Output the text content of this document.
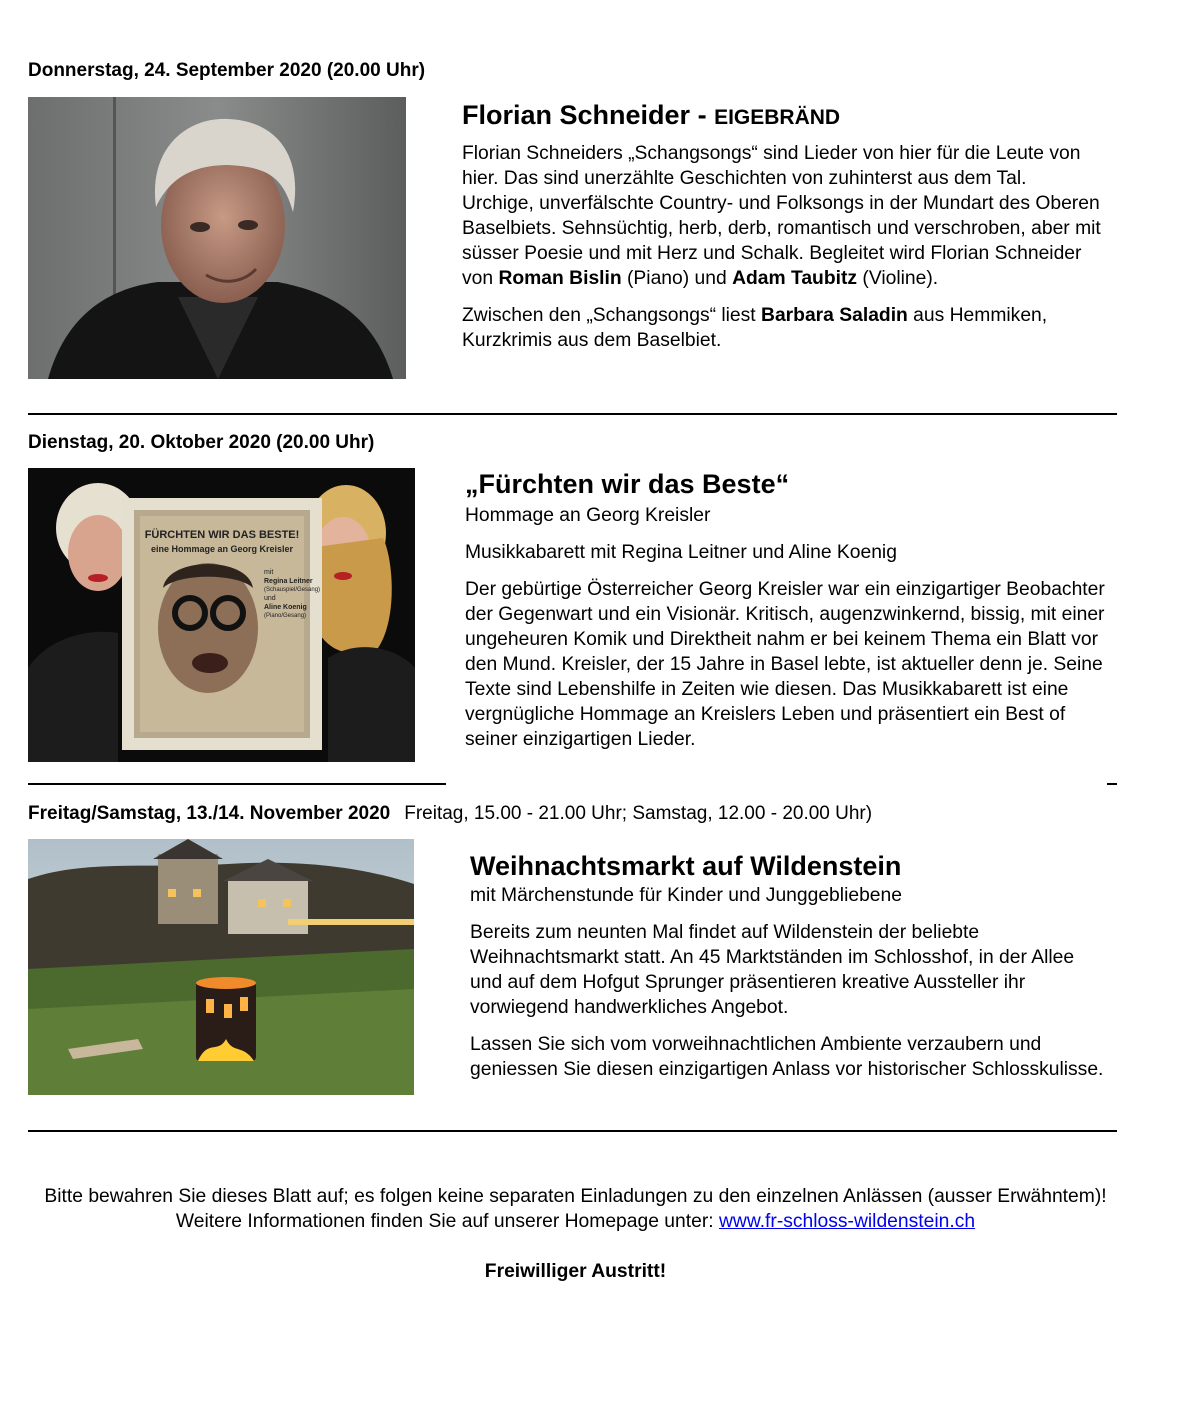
Donnerstag, 24. September 2020 (20.00 Uhr)
Florian Schneider - EIGEBRÄND

Florian Schneiders „Schangsongs“ sind Lieder von hier für die Leute von hier. Das sind unerzählte Geschichten von zuhinterst aus dem Tal. Urchige, unverfälschte Country- und Folksongs in der Mundart des Oberen Baselbiets. Sehnsüchtig, herb, derb, romantisch und verschroben, aber mit süsser Poesie und mit Herz und Schalk. Begleitet wird Florian Schneider von Roman Bislin (Piano) und Adam Taubitz (Violine).

Zwischen den „Schangsongs“ liest Barbara Saladin aus Hemmiken, Kurzkrimis aus dem Baselbiet.

Dienstag, 20. Oktober 2020 (20.00 Uhr)
FÜRCHTEN WIR DAS BESTE!
eine Hommage an Georg Kreisler
mit
Regina Leitner
(Schauspiel/Gesang)
und
Aline Koenig
(Piano/Gesang)
„Fürchten wir das Beste“

Hommage an Georg Kreisler

Musikkabarett mit Regina Leitner und Aline Koenig

Der gebürtige Österreicher Georg Kreisler war ein einzigartiger Beobachter der Gegenwart und ein Visionär. Kritisch, augenzwinkernd, bissig, mit einer ungeheuren Komik und Direktheit nahm er bei keinem Thema ein Blatt vor den Mund. Kreisler, der 15 Jahre in Basel lebte, ist aktueller denn je. Seine Texte sind Lebenshilfe in Zeiten wie diesen. Das Musikkabarett ist eine vergnügliche Hommage an Kreislers Leben und präsentiert ein Best of seiner einzigartigen Lieder.

Freitag/Samstag, 13./14. November 2020 Freitag, 15.00 - 21.00 Uhr; Samstag, 12.00 - 20.00 Uhr)
Weihnachtsmarkt auf Wildenstein

mit Märchenstunde für Kinder und Junggebliebene

Bereits zum neunten Mal findet auf Wildenstein der beliebte Weihnachtsmarkt statt. An 45 Marktständen im Schlosshof, in der Allee und auf dem Hofgut Sprunger präsentieren kreative Aussteller ihr vorwiegend handwerkliches Angebot.

Lassen Sie sich vom vorweihnachtlichen Ambiente verzaubern und geniessen Sie diesen einzigartigen Anlass vor historischer Schlosskulisse.

Bitte bewahren Sie dieses Blatt auf; es folgen keine separaten Einladungen zu den einzelnen Anlässen (ausser Erwähntem)!
Weitere Informationen finden Sie auf unserer Homepage unter: www.fr-schloss-wildenstein.ch
Freiwilliger Austritt!
